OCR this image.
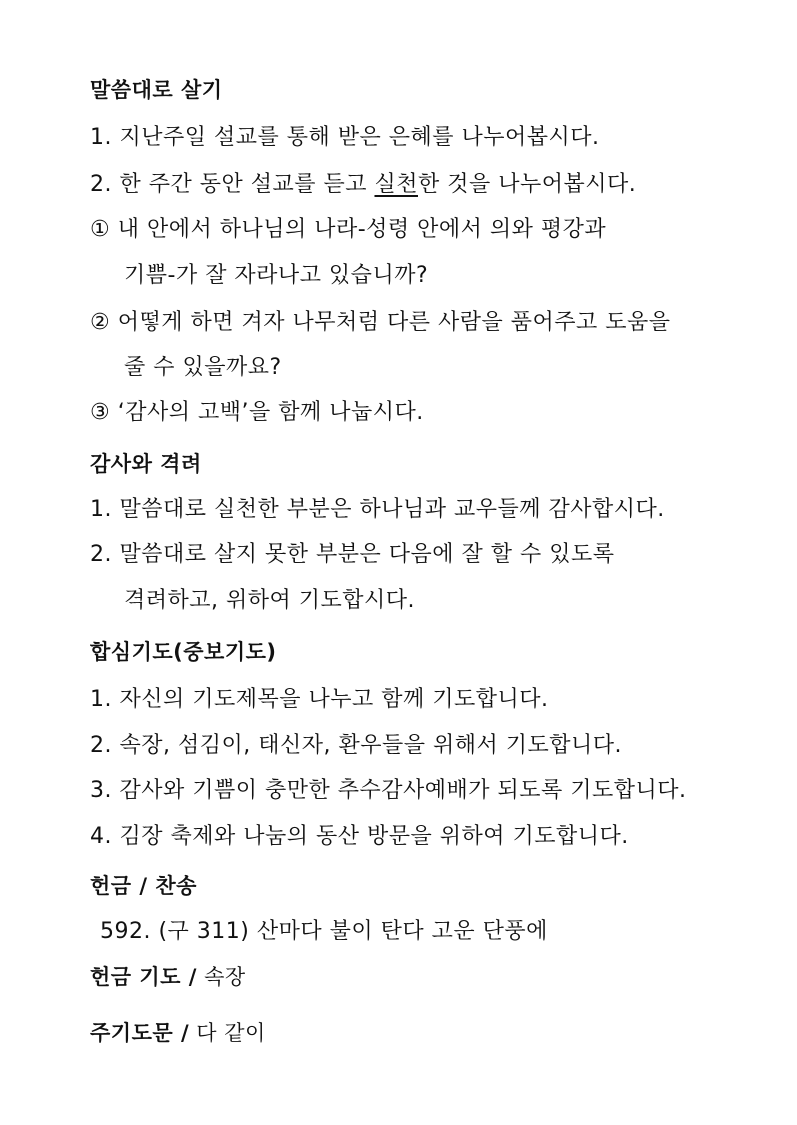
말씀대로 살기
1. 지난주일 설교를 통해 받은 은혜를 나누어봅시다.
2. 한 주간 동안 설교를 듣고 실천한 것을 나누어봅시다.
① 내 안에서 하나님의 나라-성령 안에서 의와 평강과
기쁨-가 잘 자라나고 있습니까?
② 어떻게 하면 겨자 나무처럼 다른 사람을 품어주고 도움을
줄 수 있을까요?
③ ‘감사의 고백’을 함께 나눕시다.
감사와 격려
1. 말씀대로 실천한 부분은 하나님과 교우들께 감사합시다.
2. 말씀대로 살지 못한 부분은 다음에 잘 할 수 있도록
격려하고, 위하여 기도합시다.
합심기도(중보기도)
1. 자신의 기도제목을 나누고 함께 기도합니다.
2. 속장, 섬김이, 태신자, 환우들을 위해서 기도합니다.
3. 감사와 기쁨이 충만한 추수감사예배가 되도록 기도합니다.
4. 김장 축제와 나눔의 동산 방문을 위하여 기도합니다.
헌금 / 찬송
592. (구 311) 산마다 불이 탄다 고운 단풍에
헌금 기도 / 속장
주기도문 / 다 같이
